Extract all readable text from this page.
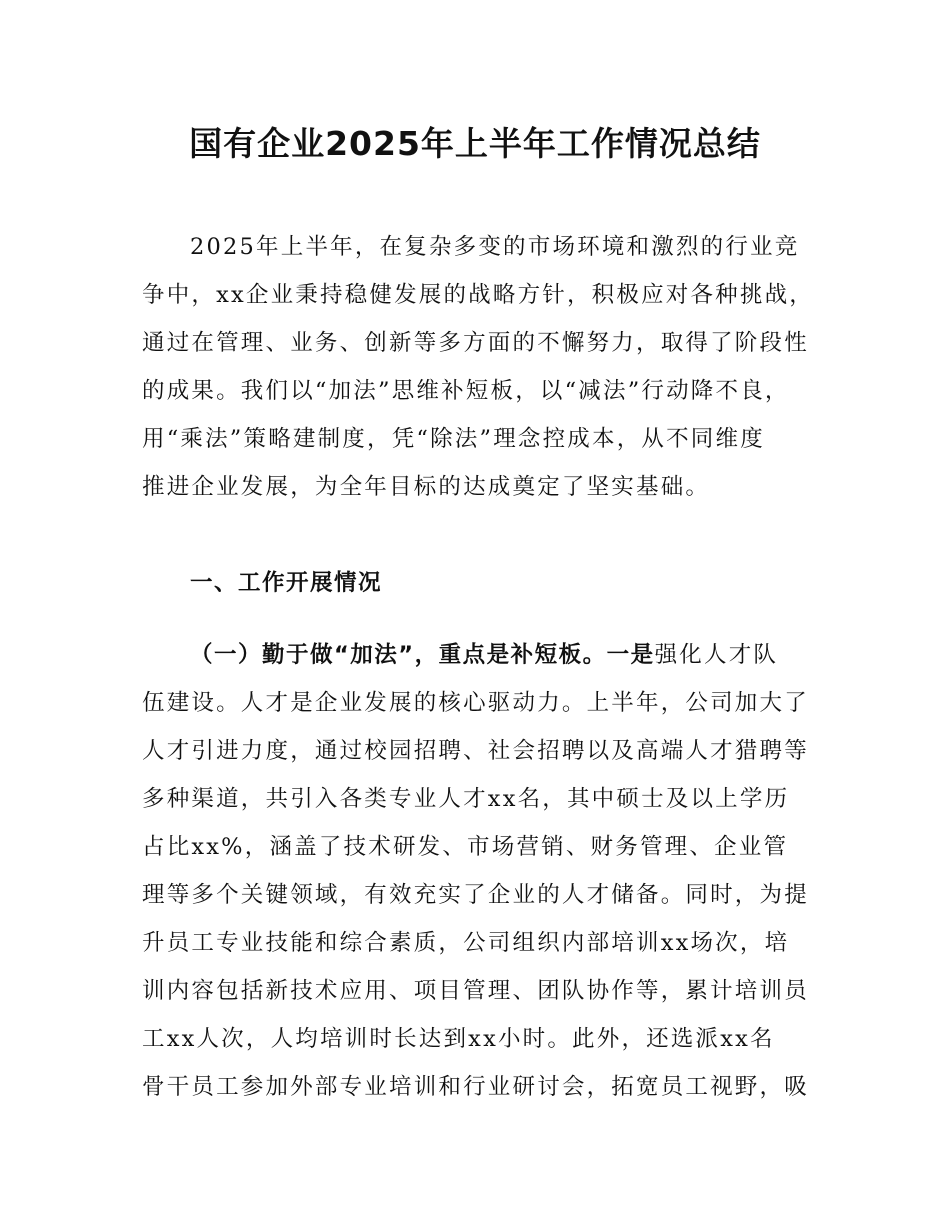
国有企业2025年上半年工作情况总结

2025年上半年，在复杂多变的市场环境和激烈的行业竞

争中，xx企业秉持稳健发展的战略方针，积极应对各种挑战，

通过在管理、业务、创新等多方面的不懈努力，取得了阶段性

的成果。我们以“加法”思维补短板，以“减法”行动降不良，

用“乘法”策略建制度，凭“除法”理念控成本，从不同维度

推进企业发展，为全年目标的达成奠定了坚实基础。

一、工作开展情况

（一）勤于做“加法”，重点是补短板。一是强化人才队

伍建设。人才是企业发展的核心驱动力。上半年，公司加大了

人才引进力度，通过校园招聘、社会招聘以及高端人才猎聘等

多种渠道，共引入各类专业人才xx名，其中硕士及以上学历

占比xx%，涵盖了技术研发、市场营销、财务管理、企业管

理等多个关键领域，有效充实了企业的人才储备。同时，为提

升员工专业技能和综合素质，公司组织内部培训xx场次，培

训内容包括新技术应用、项目管理、团队协作等，累计培训员

工xx人次，人均培训时长达到xx小时。此外，还选派xx名

骨干员工参加外部专业培训和行业研讨会，拓宽员工视野，吸
